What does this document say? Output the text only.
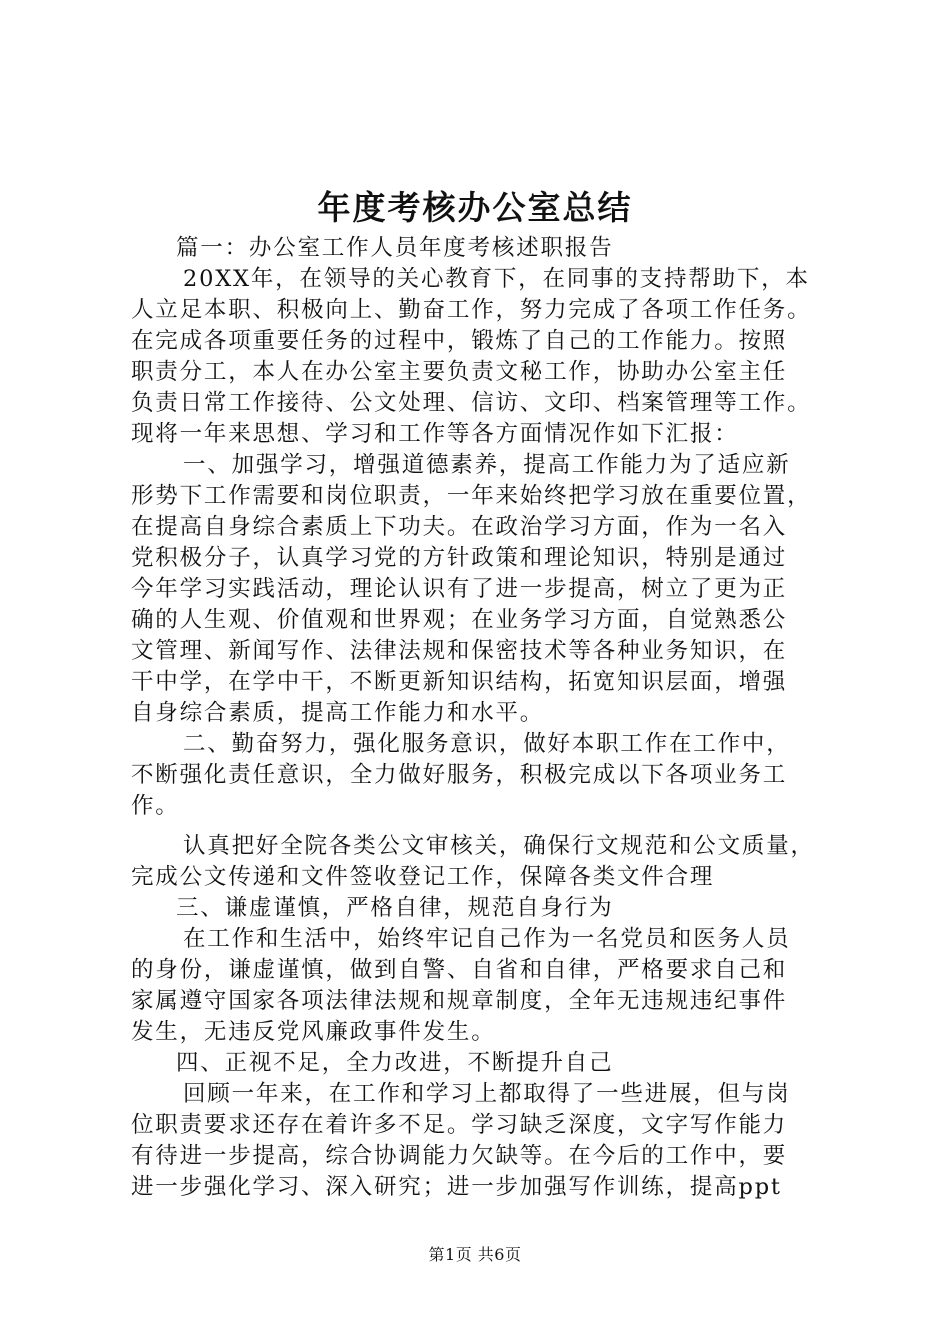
年度考核办公室总结
篇一：办公室工作人员年度考核述职报告
20XX年，在领导的关心教育下，在同事的支持帮助下，本
人立足本职、积极向上、勤奋工作，努力完成了各项工作任务。
在完成各项重要任务的过程中，锻炼了自己的工作能力。按照
职责分工，本人在办公室主要负责文秘工作，协助办公室主任
负责日常工作接待、公文处理、信访、文印、档案管理等工作。
现将一年来思想、学习和工作等各方面情况作如下汇报：
一、加强学习，增强道德素养，提高工作能力为了适应新
形势下工作需要和岗位职责，一年来始终把学习放在重要位置，
在提高自身综合素质上下功夫。在政治学习方面，作为一名入
党积极分子，认真学习党的方针政策和理论知识，特别是通过
今年学习实践活动，理论认识有了进一步提高，树立了更为正
确的人生观、价值观和世界观；在业务学习方面，自觉熟悉公
文管理、新闻写作、法律法规和保密技术等各种业务知识，在
干中学，在学中干，不断更新知识结构，拓宽知识层面，增强
自身综合素质，提高工作能力和水平。
二、勤奋努力，强化服务意识，做好本职工作在工作中，
不断强化责任意识，全力做好服务，积极完成以下各项业务工
作。
认真把好全院各类公文审核关，确保行文规范和公文质量，
完成公文传递和文件签收登记工作，保障各类文件合理
三、谦虚谨慎，严格自律，规范自身行为
在工作和生活中，始终牢记自己作为一名党员和医务人员
的身份，谦虚谨慎，做到自警、自省和自律，严格要求自己和
家属遵守国家各项法律法规和规章制度，全年无违规违纪事件
发生，无违反党风廉政事件发生。
四、正视不足，全力改进，不断提升自己
回顾一年来，在工作和学习上都取得了一些进展，但与岗
位职责要求还存在着许多不足。学习缺乏深度，文字写作能力
有待进一步提高，综合协调能力欠缺等。在今后的工作中，要
进一步强化学习、深入研究；进一步加强写作训练，提高ppt
第1页 共6页
